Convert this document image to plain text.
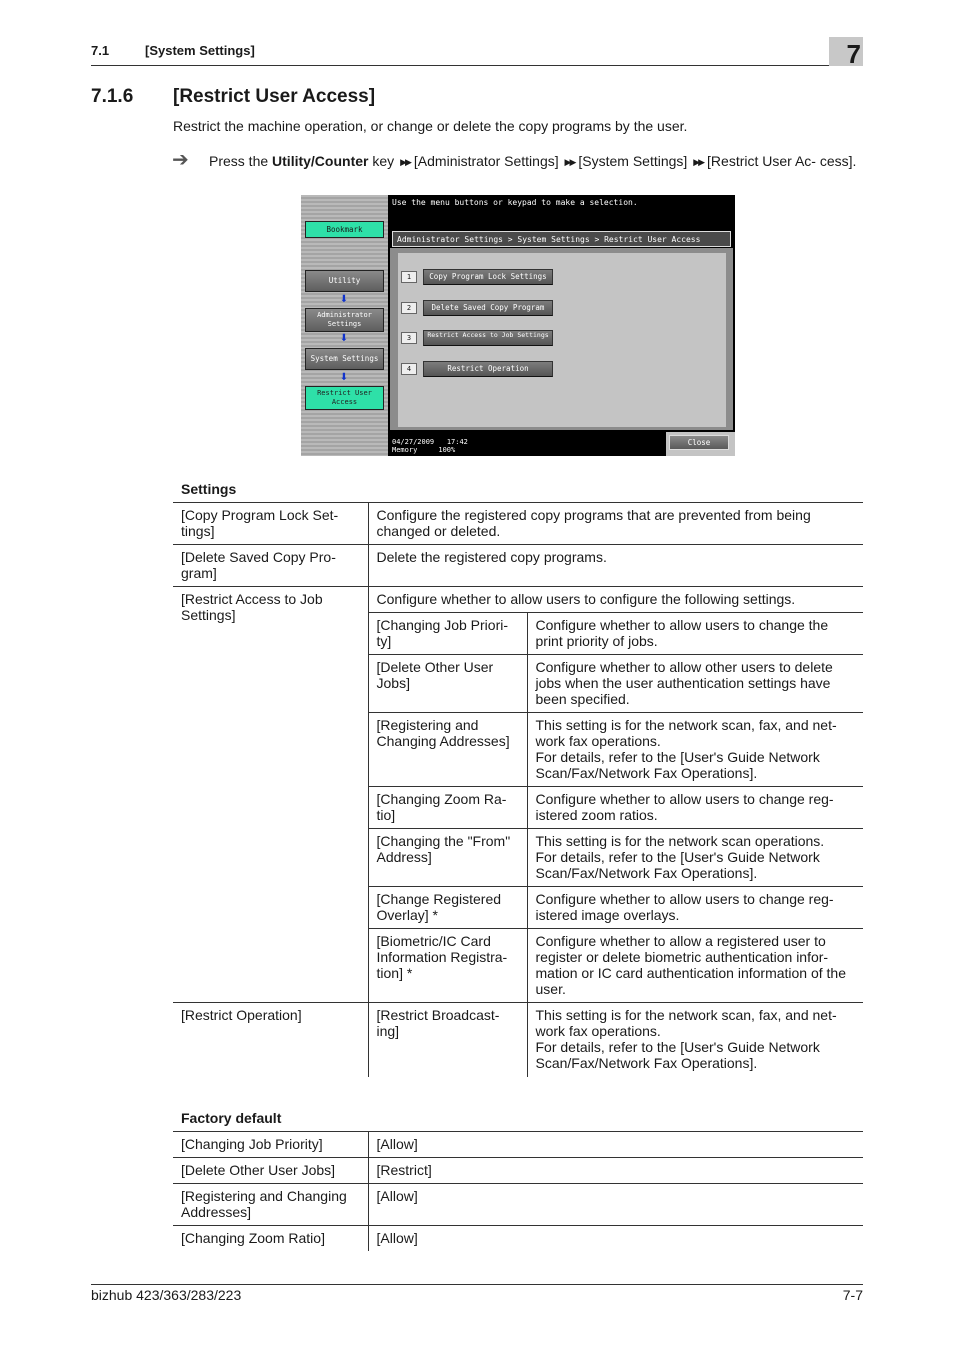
7.1	[System Settings]	7
7.1.6 [Restrict User Access]
Restrict the machine operation, or change or delete the copy programs by the user.
➔ Press the Utility/Counter key ▶▶ [Administrator Settings] ▶▶ [System Settings] ▶▶ [Restrict User Ac- cess].
Use the menu buttons or keypad to make a selection.
Administrator Settings > System Settings > Restrict User Access
Bookmark
Utility
⬇
Administrator Settings
⬇
System Settings
⬇
Restrict User Access
1	Copy Program Lock Settings
2	Delete Saved Copy Program
3	Restrict Access to Job Settings
4	Restrict Operation
04/27/2009 17:42
Memory	100%
Close
Settings
[Copy Program Lock Set-tings]	Configure the registered copy programs that are prevented from being changed or deleted.	
[Delete Saved Copy Pro-gram]	Delete the registered copy programs.	
[Restrict Access to Job Settings]	Configure whether to allow users to configure the following settings.	
	[Changing Job Priori-ty]	Configure whether to allow users to change the print priority of jobs.
	[Delete Other User Jobs]	Configure whether to allow other users to delete jobs when the user authentication settings have been specified.
	[Registering and Changing Addresses]	This setting is for the network scan, fax, and net-work fax operations.
For details, refer to the [User's Guide Network Scan/Fax/Network Fax Operations].
	[Changing Zoom Ra-tio]	Configure whether to allow users to change reg-istered zoom ratios.
	[Changing the "From" Address]	This setting is for the network scan operations.
For details, refer to the [User's Guide Network Scan/Fax/Network Fax Operations].
	[Change Registered Overlay] *	Configure whether to allow users to change reg-istered image overlays.
	[Biometric/IC Card Information Registra-tion] *	Configure whether to allow a registered user to register or delete biometric authentication infor-mation or IC card authentication information of the user.
[Restrict Operation]	[Restrict Broadcast-ing]	This setting is for the network scan, fax, and net-work fax operations.
For details, refer to the [User's Guide Network Scan/Fax/Network Fax Operations].
Factory default
[Changing Job Priority]	[Allow]
[Delete Other User Jobs]	[Restrict]
[Registering and Changing Addresses]	[Allow]
[Changing Zoom Ratio]	[Allow]
bizhub 423/363/283/223	7-7
